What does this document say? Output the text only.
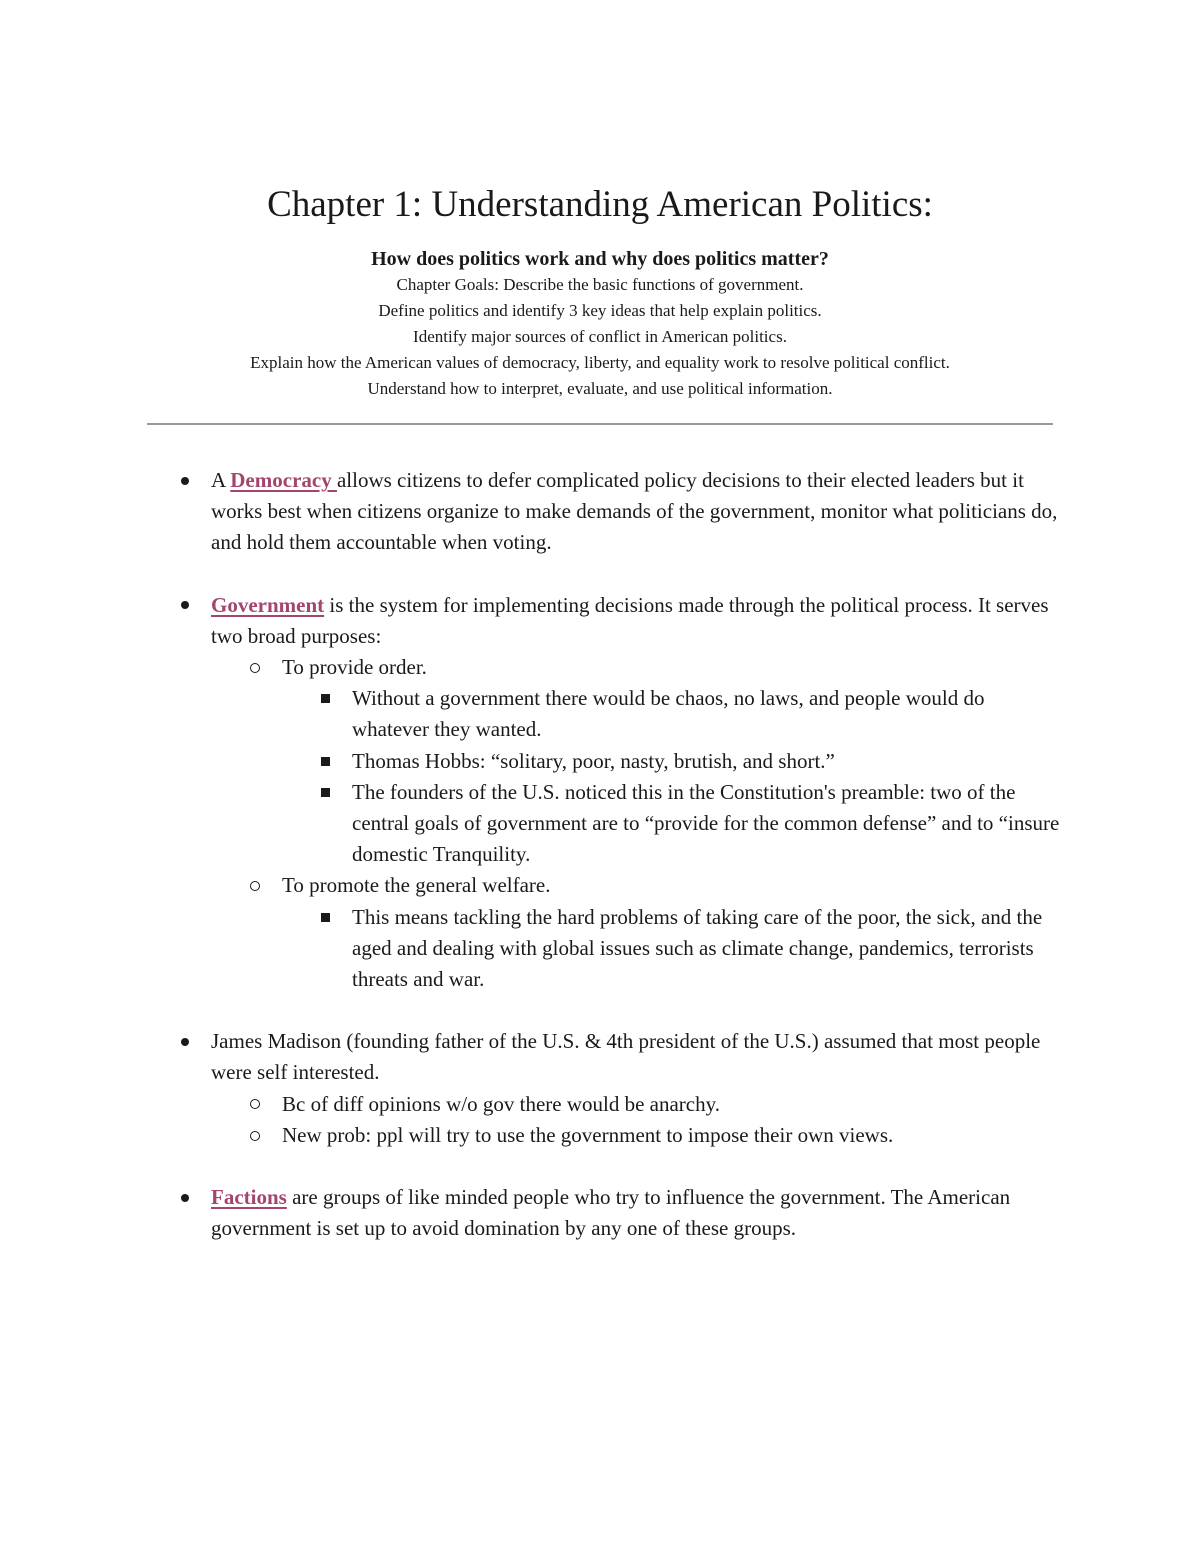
Chapter 1: Understanding American Politics:

How does politics work and why does politics matter?

Chapter Goals: Describe the basic functions of government.

Define politics and identify 3 key ideas that help explain politics.

Identify major sources of conflict in American politics.

Explain how the American values of democracy, liberty, and equality work to resolve political conflict.

Understand how to interpret, evaluate, and use political information.

A Democracy allows citizens to defer complicated policy decisions to their elected leaders but it works best when citizens organize to make demands of the government, monitor what politicians do, and hold them accountable when voting.
Government is the system for implementing decisions made through the political process. It serves two broad purposes:
To provide order.
Without a government there would be chaos, no laws, and people would do whatever they wanted.
Thomas Hobbs: “solitary, poor, nasty, brutish, and short.”
The founders of the U.S. noticed this in the Constitution's preamble: two of the central goals of government are to “provide for the common defense” and to “insure domestic Tranquility.
To promote the general welfare.
This means tackling the hard problems of taking care of the poor, the sick, and the aged and dealing with global issues such as climate change, pandemics, terrorists threats and war.
James Madison (founding father of the U.S. & 4th president of the U.S.) assumed that most people were self interested.
Bc of diff opinions w/o gov there would be anarchy.
New prob: ppl will try to use the government to impose their own views.
Factions are groups of like minded people who try to influence the government. The American government is set up to avoid domination by any one of these groups.
